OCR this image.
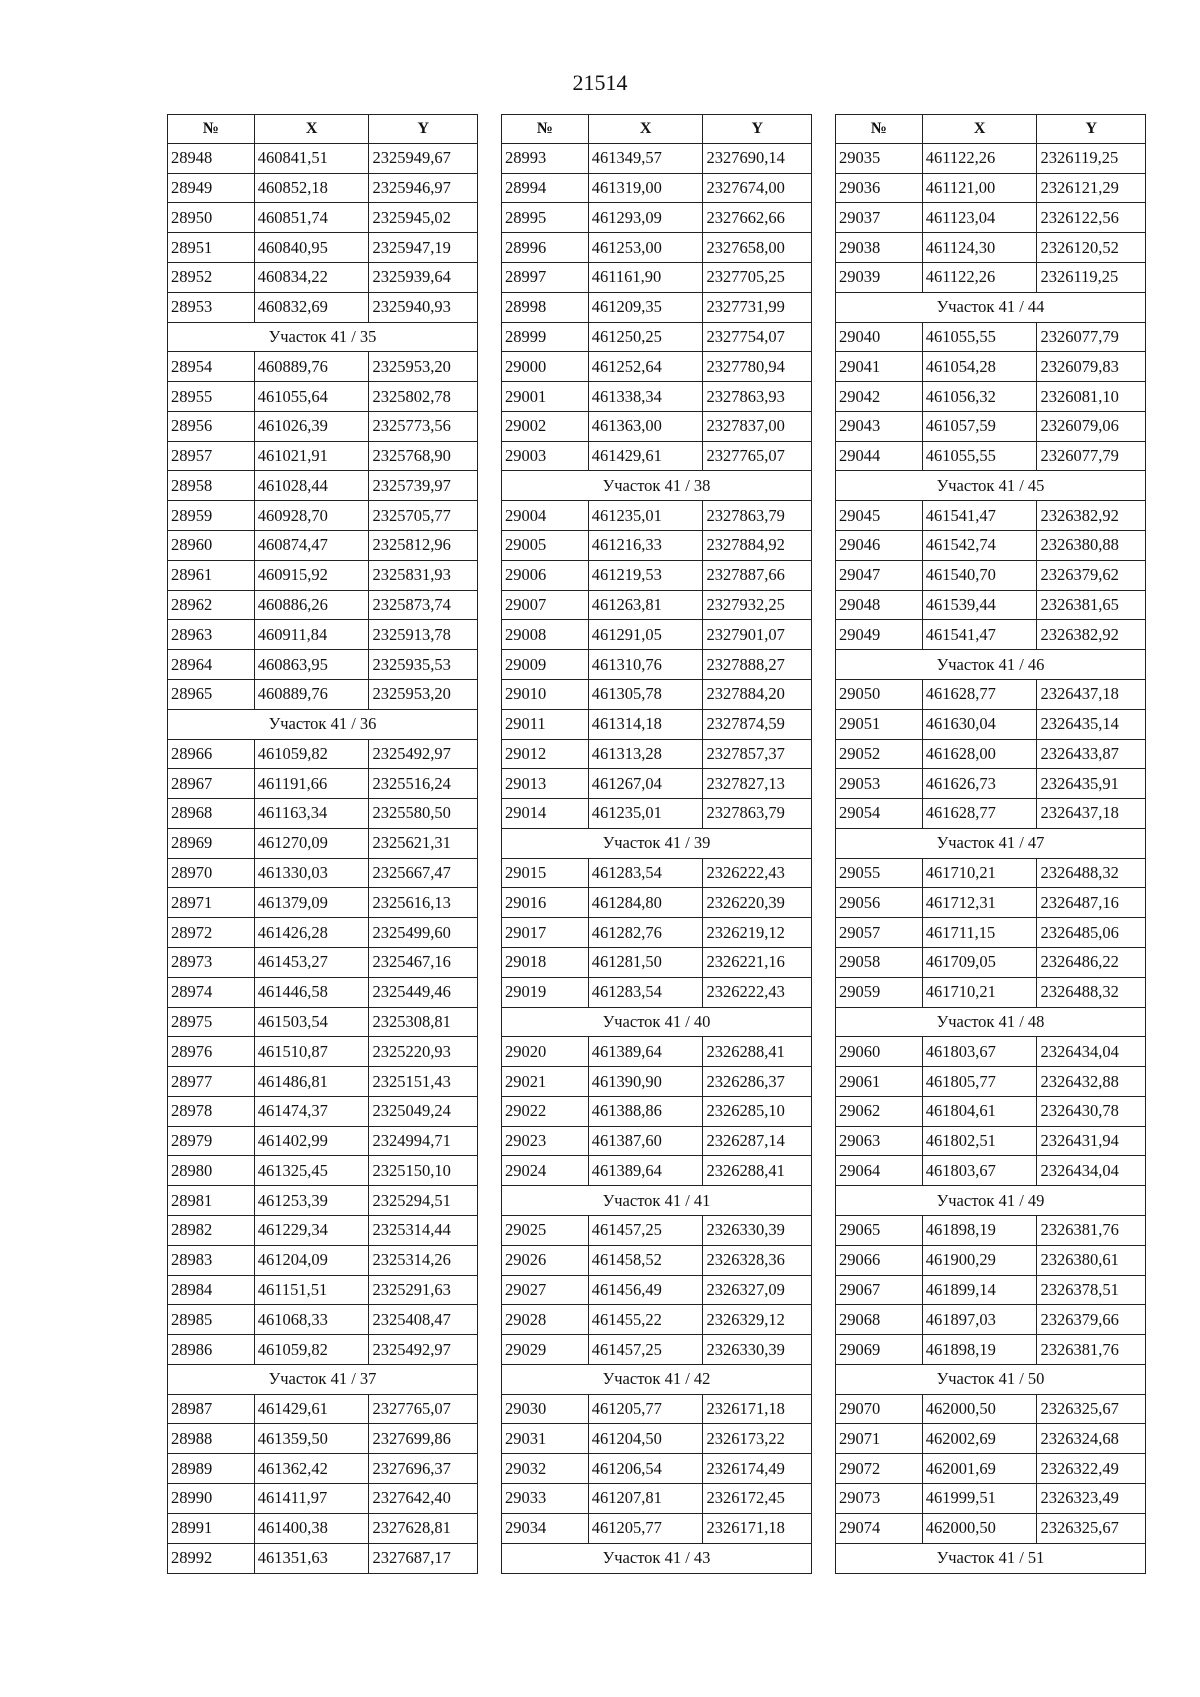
21514
№	X	Y
28948	460841,51	2325949,67
28949	460852,18	2325946,97
28950	460851,74	2325945,02
28951	460840,95	2325947,19
28952	460834,22	2325939,64
28953	460832,69	2325940,93
Участок 41 / 35		
28954	460889,76	2325953,20
28955	461055,64	2325802,78
28956	461026,39	2325773,56
28957	461021,91	2325768,90
28958	461028,44	2325739,97
28959	460928,70	2325705,77
28960	460874,47	2325812,96
28961	460915,92	2325831,93
28962	460886,26	2325873,74
28963	460911,84	2325913,78
28964	460863,95	2325935,53
28965	460889,76	2325953,20
Участок 41 / 36		
28966	461059,82	2325492,97
28967	461191,66	2325516,24
28968	461163,34	2325580,50
28969	461270,09	2325621,31
28970	461330,03	2325667,47
28971	461379,09	2325616,13
28972	461426,28	2325499,60
28973	461453,27	2325467,16
28974	461446,58	2325449,46
28975	461503,54	2325308,81
28976	461510,87	2325220,93
28977	461486,81	2325151,43
28978	461474,37	2325049,24
28979	461402,99	2324994,71
28980	461325,45	2325150,10
28981	461253,39	2325294,51
28982	461229,34	2325314,44
28983	461204,09	2325314,26
28984	461151,51	2325291,63
28985	461068,33	2325408,47
28986	461059,82	2325492,97
Участок 41 / 37		
28987	461429,61	2327765,07
28988	461359,50	2327699,86
28989	461362,42	2327696,37
28990	461411,97	2327642,40
28991	461400,38	2327628,81
28992	461351,63	2327687,17
№	X	Y
28993	461349,57	2327690,14
28994	461319,00	2327674,00
28995	461293,09	2327662,66
28996	461253,00	2327658,00
28997	461161,90	2327705,25
28998	461209,35	2327731,99
28999	461250,25	2327754,07
29000	461252,64	2327780,94
29001	461338,34	2327863,93
29002	461363,00	2327837,00
29003	461429,61	2327765,07
Участок 41 / 38		
29004	461235,01	2327863,79
29005	461216,33	2327884,92
29006	461219,53	2327887,66
29007	461263,81	2327932,25
29008	461291,05	2327901,07
29009	461310,76	2327888,27
29010	461305,78	2327884,20
29011	461314,18	2327874,59
29012	461313,28	2327857,37
29013	461267,04	2327827,13
29014	461235,01	2327863,79
Участок 41 / 39		
29015	461283,54	2326222,43
29016	461284,80	2326220,39
29017	461282,76	2326219,12
29018	461281,50	2326221,16
29019	461283,54	2326222,43
Участок 41 / 40		
29020	461389,64	2326288,41
29021	461390,90	2326286,37
29022	461388,86	2326285,10
29023	461387,60	2326287,14
29024	461389,64	2326288,41
Участок 41 / 41		
29025	461457,25	2326330,39
29026	461458,52	2326328,36
29027	461456,49	2326327,09
29028	461455,22	2326329,12
29029	461457,25	2326330,39
Участок 41 / 42		
29030	461205,77	2326171,18
29031	461204,50	2326173,22
29032	461206,54	2326174,49
29033	461207,81	2326172,45
29034	461205,77	2326171,18
Участок 41 / 43		
№	X	Y
29035	461122,26	2326119,25
29036	461121,00	2326121,29
29037	461123,04	2326122,56
29038	461124,30	2326120,52
29039	461122,26	2326119,25
Участок 41 / 44		
29040	461055,55	2326077,79
29041	461054,28	2326079,83
29042	461056,32	2326081,10
29043	461057,59	2326079,06
29044	461055,55	2326077,79
Участок 41 / 45		
29045	461541,47	2326382,92
29046	461542,74	2326380,88
29047	461540,70	2326379,62
29048	461539,44	2326381,65
29049	461541,47	2326382,92
Участок 41 / 46		
29050	461628,77	2326437,18
29051	461630,04	2326435,14
29052	461628,00	2326433,87
29053	461626,73	2326435,91
29054	461628,77	2326437,18
Участок 41 / 47		
29055	461710,21	2326488,32
29056	461712,31	2326487,16
29057	461711,15	2326485,06
29058	461709,05	2326486,22
29059	461710,21	2326488,32
Участок 41 / 48		
29060	461803,67	2326434,04
29061	461805,77	2326432,88
29062	461804,61	2326430,78
29063	461802,51	2326431,94
29064	461803,67	2326434,04
Участок 41 / 49		
29065	461898,19	2326381,76
29066	461900,29	2326380,61
29067	461899,14	2326378,51
29068	461897,03	2326379,66
29069	461898,19	2326381,76
Участок 41 / 50		
29070	462000,50	2326325,67
29071	462002,69	2326324,68
29072	462001,69	2326322,49
29073	461999,51	2326323,49
29074	462000,50	2326325,67
Участок 41 / 51		
